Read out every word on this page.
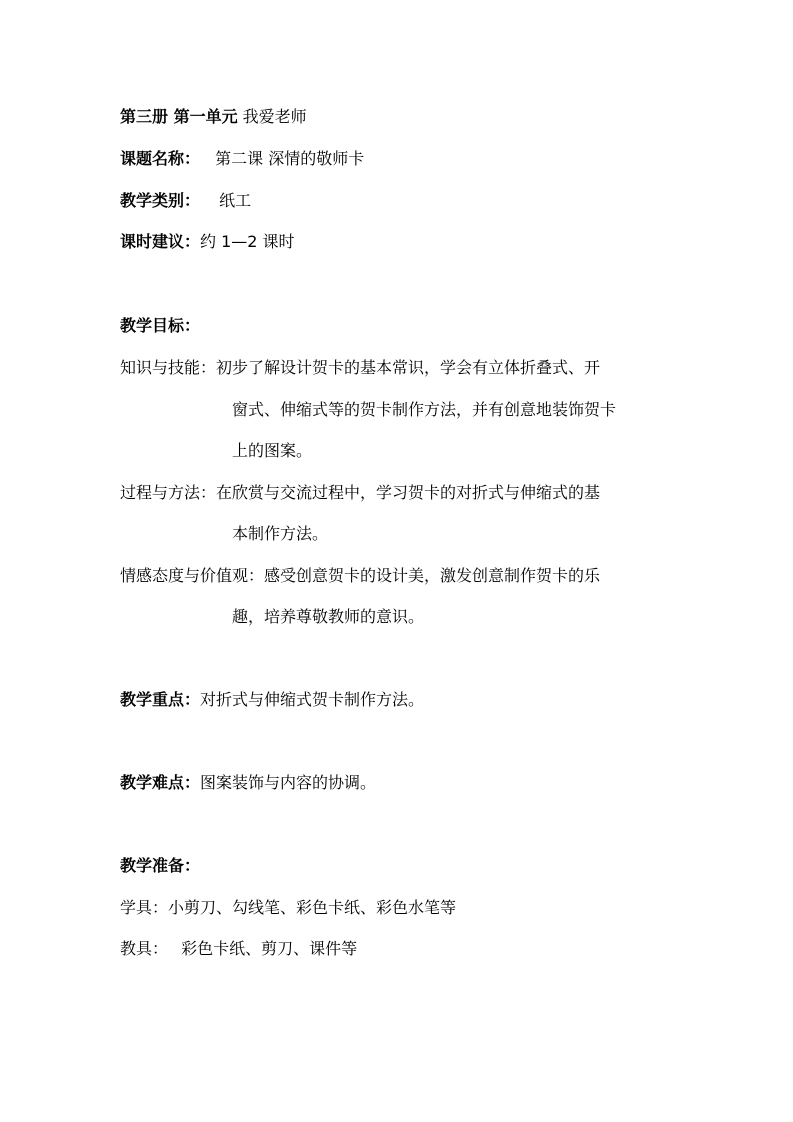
第三册 第一单元 我爱老师
课题名称： 第二课 深情的敬师卡
教学类别： 纸工
课时建议：约 1—2 课时
教学目标：
知识与技能：初步了解设计贺卡的基本常识，学会有立体折叠式、开
窗式、伸缩式等的贺卡制作方法，并有创意地装饰贺卡
上的图案。
过程与方法：在欣赏与交流过程中，学习贺卡的对折式与伸缩式的基
本制作方法。
情感态度与价值观：感受创意贺卡的设计美，激发创意制作贺卡的乐
趣，培养尊敬教师的意识。
教学重点：对折式与伸缩式贺卡制作方法。
教学难点：图案装饰与内容的协调。
教学准备：
学具：小剪刀、勾线笔、彩色卡纸、彩色水笔等
教具： 彩色卡纸、剪刀、课件等
